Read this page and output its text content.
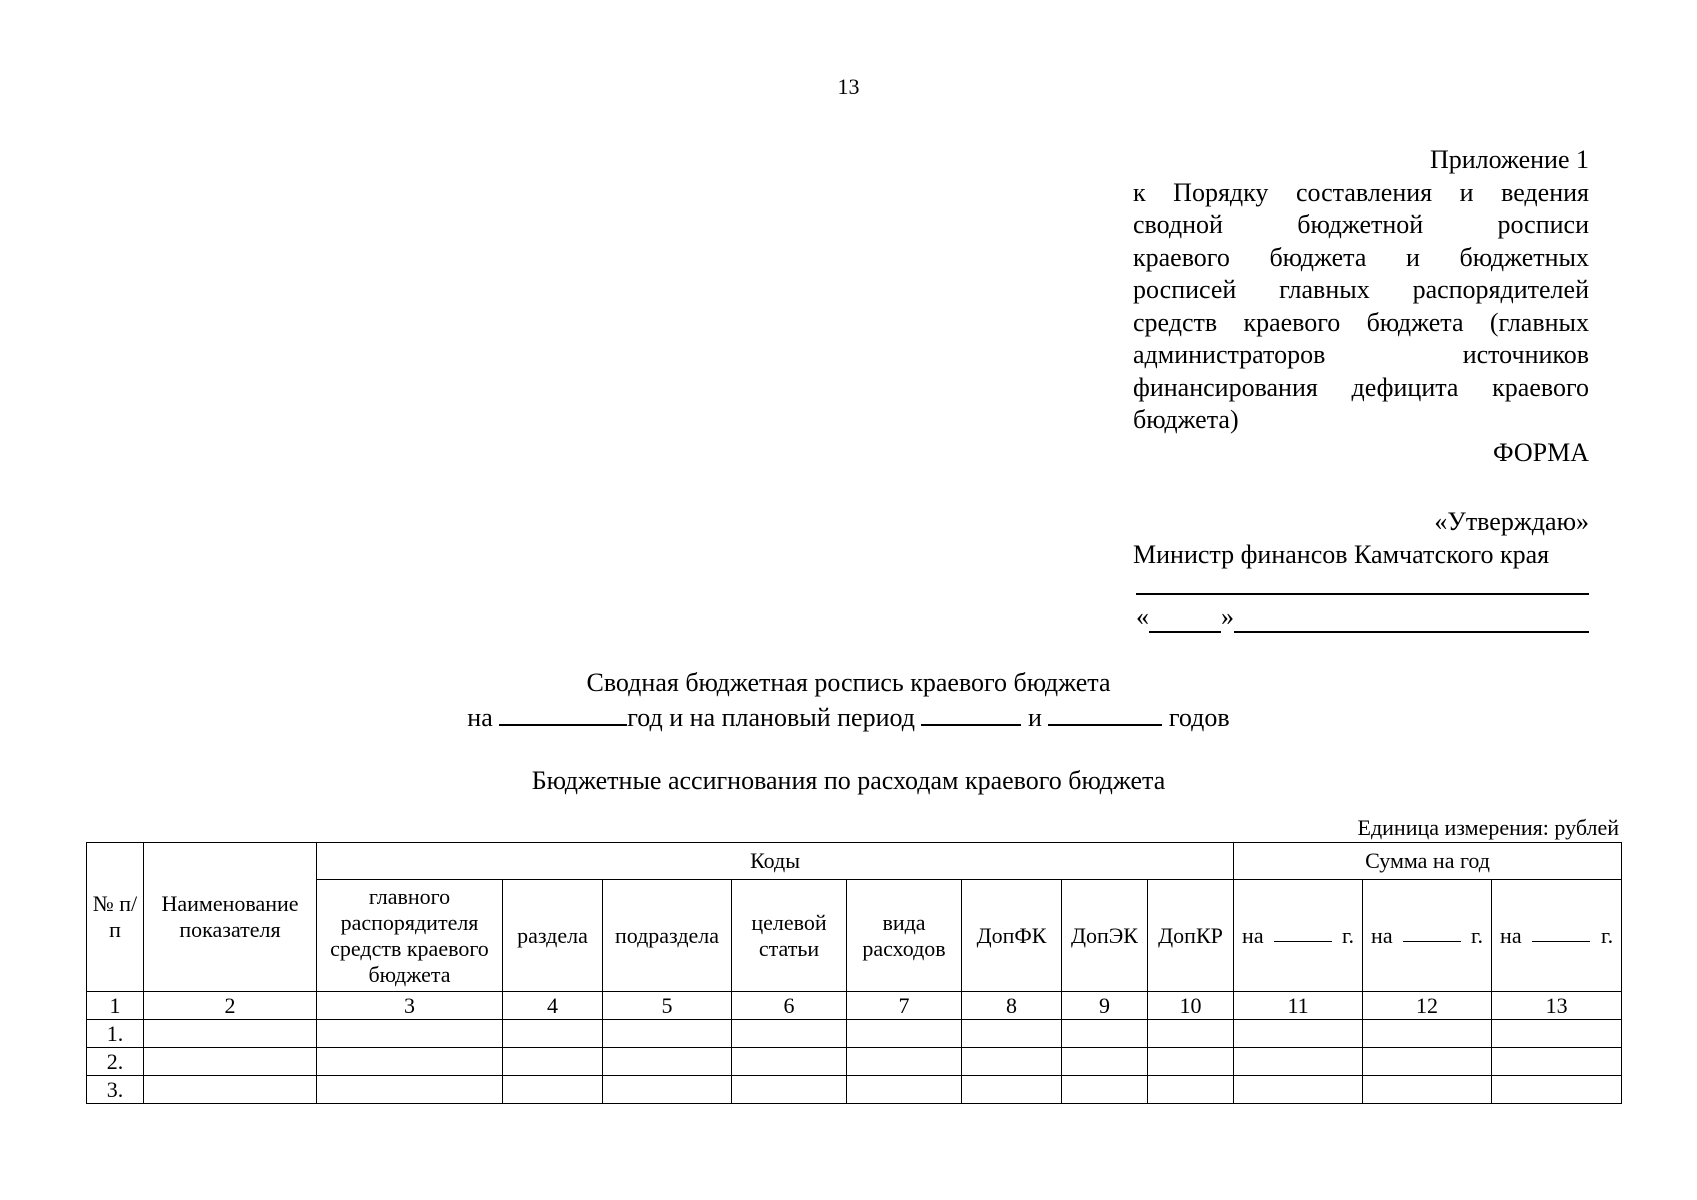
13
Приложение 1
к Порядку составления и ведения
сводной бюджетной росписи
краевого бюджета и бюджетных
росписей главных распорядителей
средств краевого бюджета (главных
администраторов источников
финансирования дефицита краевого
бюджета)
ФОРМА
«Утверждаю»
Министр финансов Камчатского края
«	»
Сводная бюджетная роспись краевого бюджета
на	год и на плановый период	и	годов
Бюджетные ассигнования по расходам краевого бюджета
Единица измерения: рублей
№ п/п	Наименование показателя	Коды								Сумма на год		
		главного распорядителя средств краевого бюджета	раздела	подраздела	целевой статьи	вида расходов	ДопФК	ДопЭК	ДопКР	на г.	на г.	на г.

1	2	3	4	5	6	7	8	9	10	11	12	13
1.												
2.												
3.												
